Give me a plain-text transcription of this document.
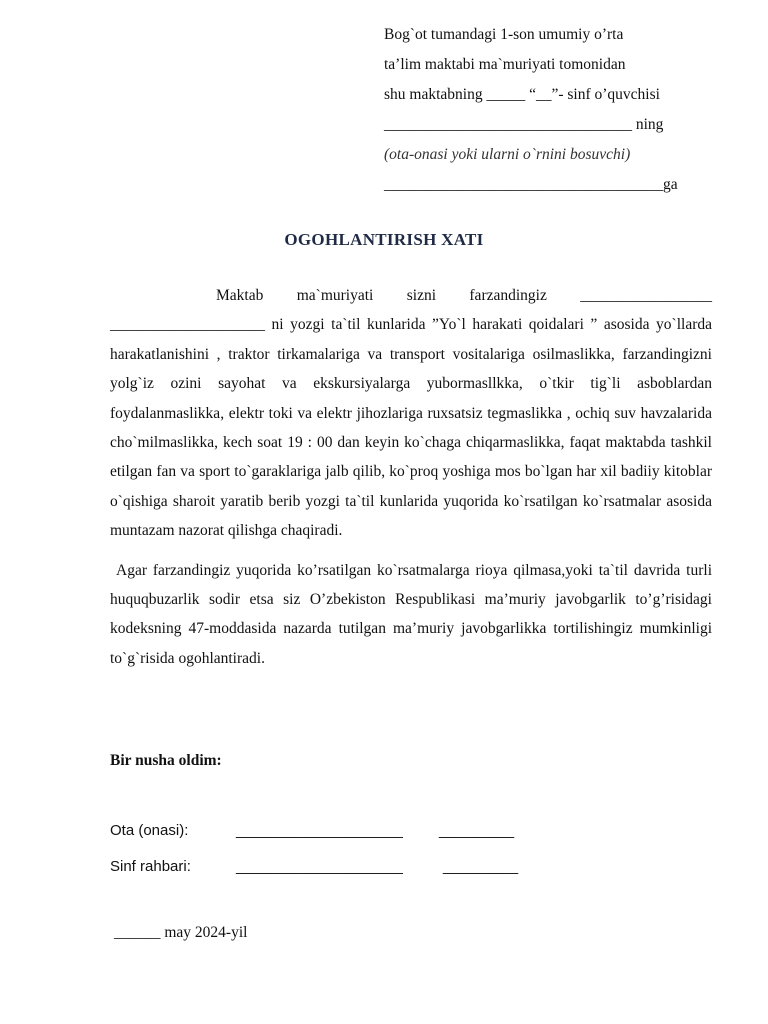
Bog`ot tumandagi 1-son umumiy o’rta
ta’lim maktabi ma`muriyati tomonidan
shu maktabning _____ “__”- sinf o’quvchisi
________________________________ ning
(ota-onasi yoki ularni o`rnini bosuvchi)
____________________________________ga
OGOHLANTIRISH XATI

Maktab ma`muriyati sizni farzandingiz _________________ ____________________ ni yozgi ta`til kunlarida ”Yo`l harakati qoidalari ” asosida yo`llarda harakatlanishini , traktor tirkamalariga va transport vositalariga osilmaslikka, farzandingizni yolg`iz ozini sayohat va ekskursiyalarga yubormasllkka, o`tkir tig`li asboblardan foydalanmaslikka, elektr toki va elektr jihozlariga ruxsatsiz tegmaslikka , ochiq suv havzalarida cho`milmaslikka, kech soat 19 : 00 dan keyin ko`chaga chiqarmaslikka, faqat maktabda tashkil etilgan fan va sport to`garaklariga jalb qilib, ko`proq yoshiga mos bo`lgan har xil badiiy kitoblar o`qishiga sharoit yaratib berib yozgi ta`til kunlarida yuqorida ko`rsatilgan ko`rsatmalar asosida muntazam nazorat qilishga chaqiradi.

Agar farzandingiz yuqorida ko’rsatilgan ko`rsatmalarga rioya qilmasa,yoki ta`til davrida turli huquqbuzarlik sodir etsa siz O’zbekiston Respublikasi ma’muriy javobgarlik to’g’risidagi kodeksning 47-moddasida nazarda tutilgan ma’muriy javobgarlikka tortilishingiz mumkinligi to`g`risida ogohlantiradi.

Bir nusha oldim:
Ota (onasi):	____________________ _________
Sinf rahbari:	____________________	_________
______ may 2024-yil
